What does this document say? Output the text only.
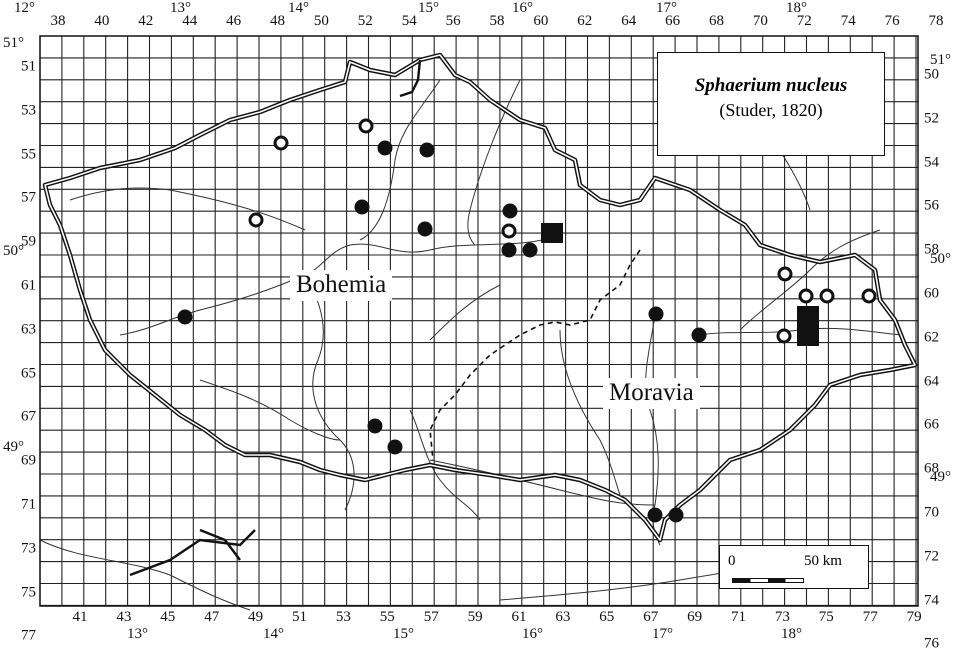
38 40 42 44 46 48 50 52 54 56 58 60 62 64 66 68 70 72 74 76 78
41 43 45 47 49 51 53 55 57 59 61 63 65 67 69 71 73 75 77 79
51
53
55
57
59
61
63
65
67
69
71
73
75
77
50
52
54
56
58
60
62
64
66
68
70
72
74
76
12°	13°	14°	15°	16°	17°	18°
13°	14°	15°	16°	17°	18°
51°
50°
49°
51°
50°
49°
Bohemia
Moravia
Sphaerium nucleus
(Studer, 1820)
0	50 km
